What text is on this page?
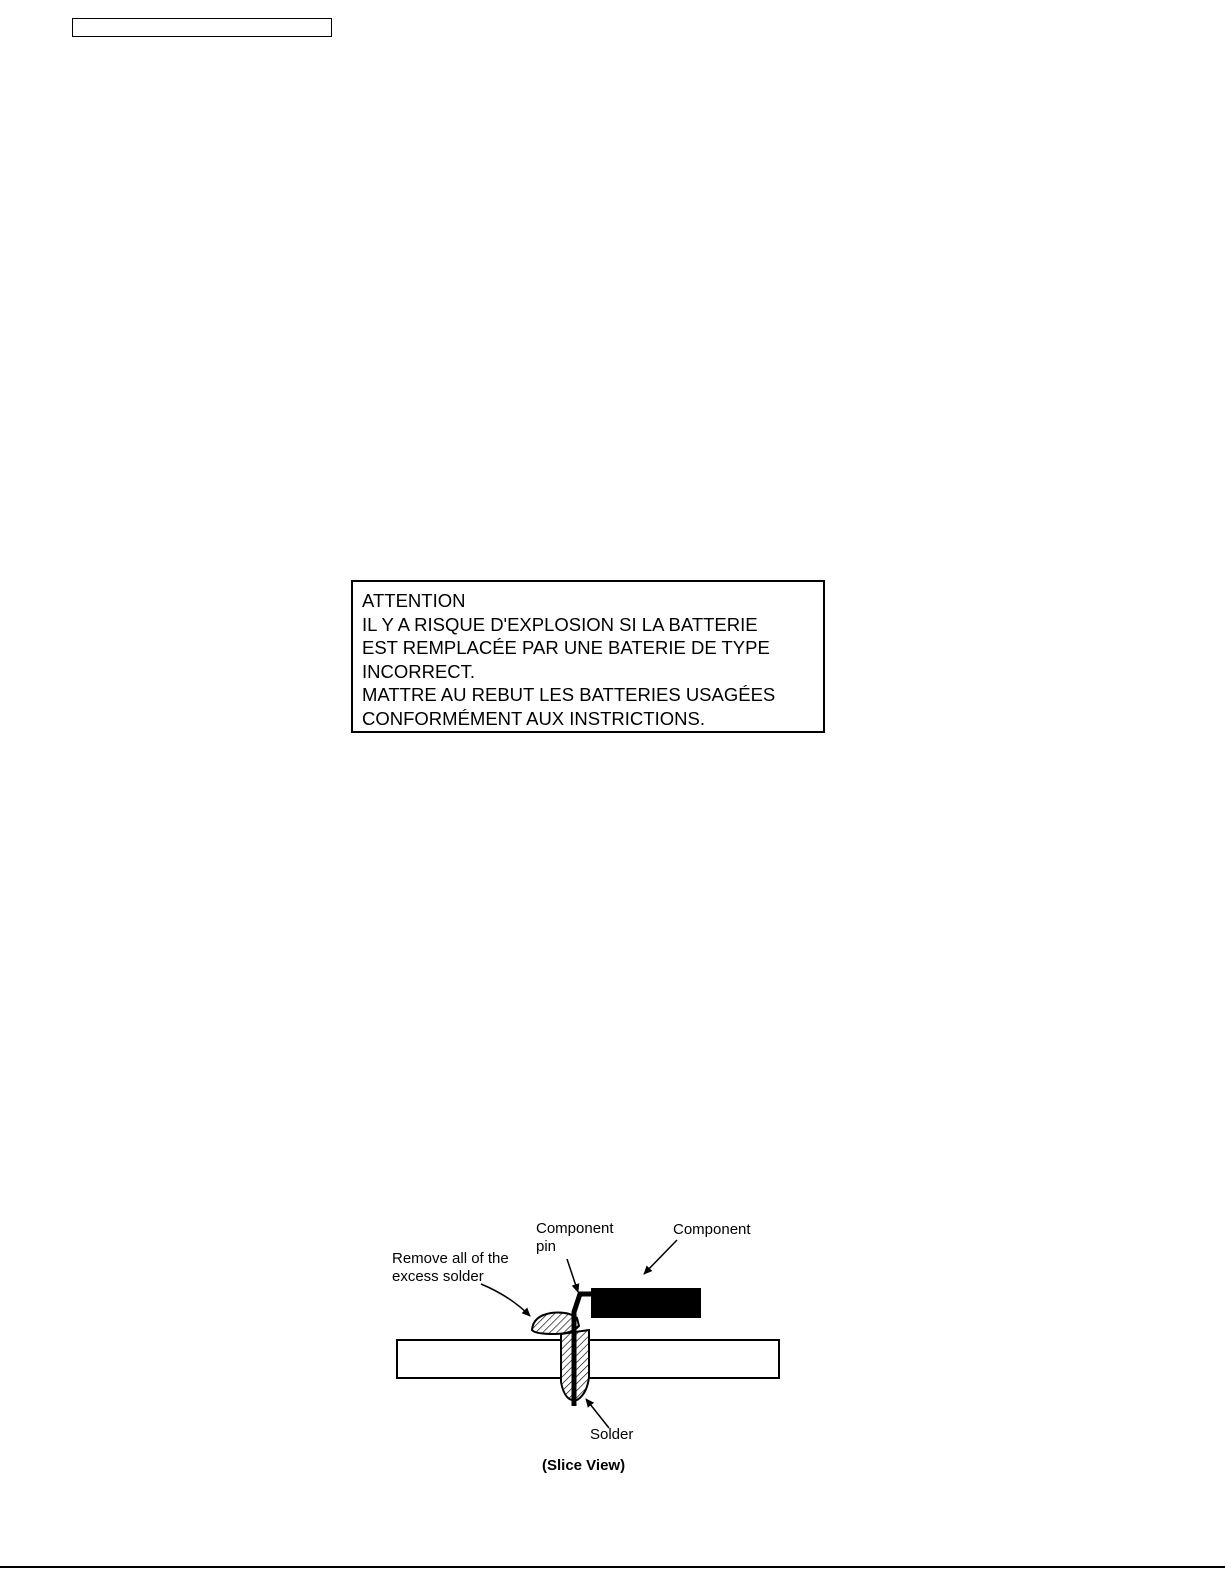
ATTENTION
IL Y A RISQUE D'EXPLOSION SI LA BATTERIE
EST REMPLACÉE PAR UNE BATERIE DE TYPE
INCORRECT.
MATTRE AU REBUT LES BATTERIES USAGÉES
CONFORMÉMENT AUX INSTRICTIONS.
Remove all of the
excess solder
Component
pin
Component
Solder
(Slice View)
